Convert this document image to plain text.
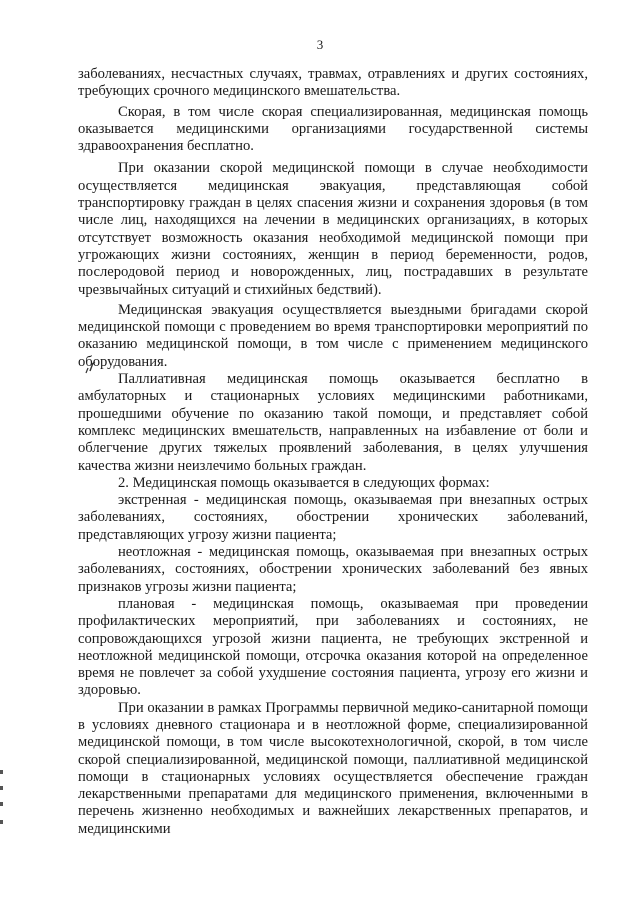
3

заболеваниях, несчастных случаях, травмах, отравлениях и других состояниях, требующих срочного медицинского вмешательства.

Скорая, в том числе скорая специализированная, медицинская помощь оказывается медицинскими организациями государственной системы здравоохранения бесплатно.

При оказании скорой медицинской помощи в случае необходимости осуществляется медицинская эвакуация, представляющая собой транспортировку граждан в целях спасения жизни и сохранения здоровья (в том числе лиц, находящихся на лечении в медицинских организациях, в которых отсутствует возможность оказания необходимой медицинской помощи при угрожающих жизни состояниях, женщин в период беременности, родов, послеродовой период и новорожденных, лиц, пострадавших в результате чрезвычайных ситуаций и стихийных бедствий).

Медицинская эвакуация осуществляется выездными бригадами скорой медицинской помощи с проведением во время транспортировки мероприятий по оказанию медицинской помощи, в том числе с применением медицинского оборудования.

Паллиативная медицинская помощь оказывается бесплатно в амбулаторных и стационарных условиях медицинскими работниками, прошедшими обучение по оказанию такой помощи, и представляет собой комплекс медицинских вмешательств, направленных на избавление от боли и облегчение других тяжелых проявлений заболевания, в целях улучшения качества жизни неизлечимо больных граждан.

2. Медицинская помощь оказывается в следующих формах:

экстренная - медицинская помощь, оказываемая при внезапных острых заболеваниях, состояниях, обострении хронических заболеваний, представляющих угрозу жизни пациента;

неотложная - медицинская помощь, оказываемая при внезапных острых заболеваниях, состояниях, обострении хронических заболеваний без явных признаков угрозы жизни пациента;

плановая - медицинская помощь, оказываемая при проведении профилактических мероприятий, при заболеваниях и состояниях, не сопровождающихся угрозой жизни пациента, не требующих экстренной и неотложной медицинской помощи, отсрочка оказания которой на определенное время не повлечет за собой ухудшение состояния пациента, угрозу его жизни и здоровью.

При оказании в рамках Программы первичной медико-санитарной помощи в условиях дневного стационара и в неотложной форме, специализированной медицинской помощи, в том числе высокотехнологичной, скорой, в том числе скорой специализированной, медицинской помощи, паллиативной медицинской помощи в стационарных условиях осуществляется обеспечение граждан лекарственными препаратами для медицинского применения, включенными в перечень жизненно необходимых и важнейших лекарственных препаратов, и медицинскими
